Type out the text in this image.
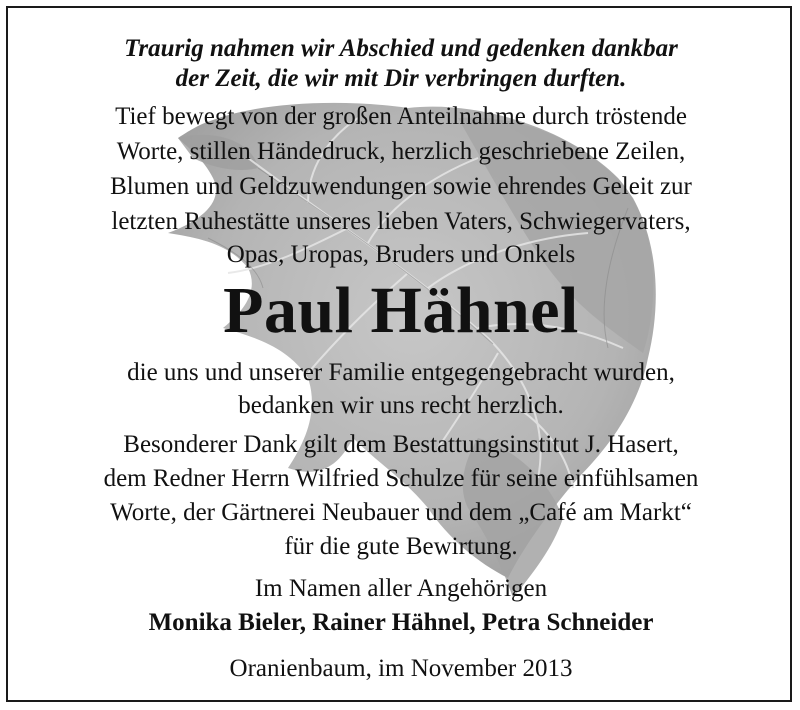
Traurig nahmen wir Abschied und gedenken dankbar
der Zeit, die wir mit Dir verbringen durften.
Tief bewegt von der großen Anteilnahme durch tröstende
Worte, stillen Händedruck, herzlich geschriebene Zeilen,
Blumen und Geldzuwendungen sowie ehrendes Geleit zur
letzten Ruhestätte unseres lieben Vaters, Schwiegervaters,
Opas, Uropas, Bruders und Onkels
Paul Hähnel
die uns und unserer Familie entgegengebracht wurden,
bedanken wir uns recht herzlich.
Besonderer Dank gilt dem Bestattungsinstitut J. Hasert,
dem Redner Herrn Wilfried Schulze für seine einfühlsamen
Worte, der Gärtnerei Neubauer und dem „Café am Markt“
für die gute Bewirtung.
Im Namen aller Angehörigen
Monika Bieler, Rainer Hähnel, Petra Schneider
Oranienbaum, im November 2013
